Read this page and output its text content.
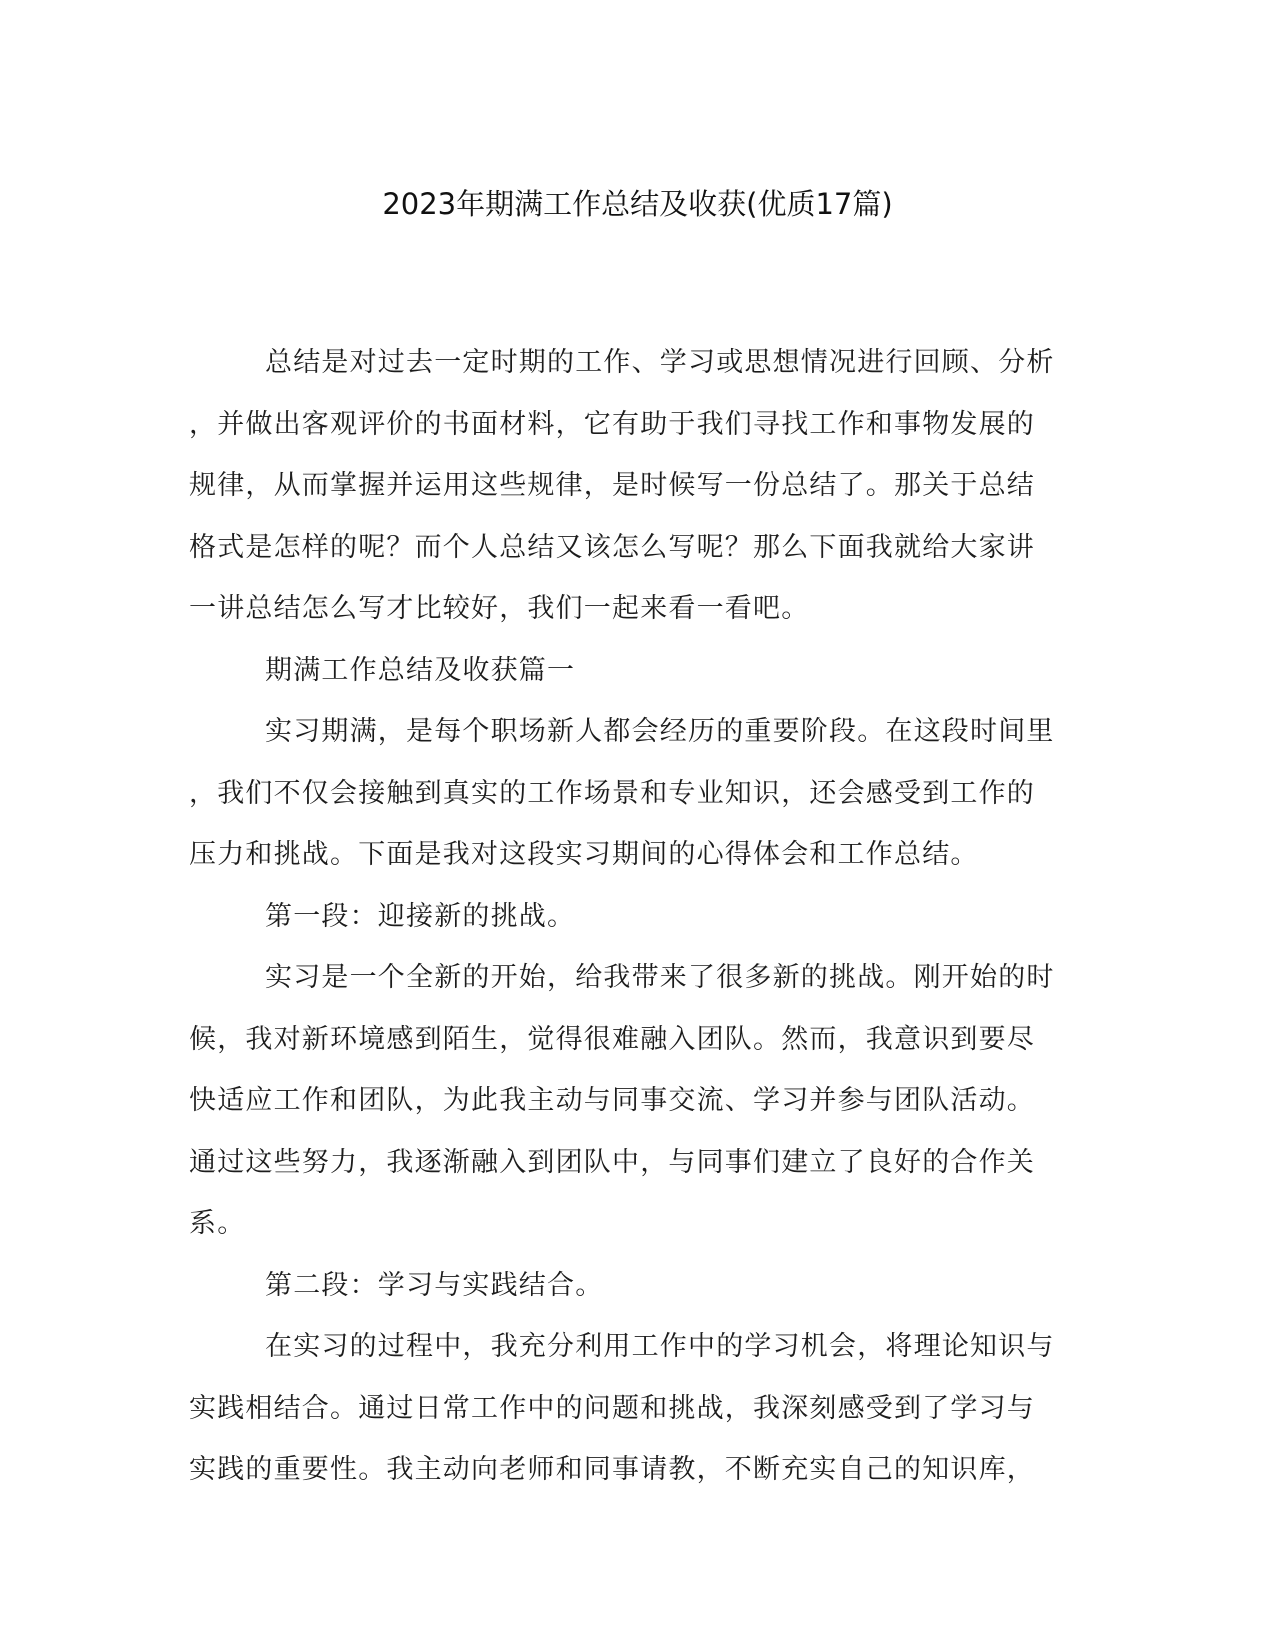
2023年期满工作总结及收获(优质17篇)
总结是对过去一定时期的工作、学习或思想情况进行回顾、分析
，并做出客观评价的书面材料，它有助于我们寻找工作和事物发展的
规律，从而掌握并运用这些规律，是时候写一份总结了。那关于总结
格式是怎样的呢？而个人总结又该怎么写呢？那么下面我就给大家讲
一讲总结怎么写才比较好，我们一起来看一看吧。
期满工作总结及收获篇一
实习期满，是每个职场新人都会经历的重要阶段。在这段时间里
，我们不仅会接触到真实的工作场景和专业知识，还会感受到工作的
压力和挑战。下面是我对这段实习期间的心得体会和工作总结。
第一段：迎接新的挑战。
实习是一个全新的开始，给我带来了很多新的挑战。刚开始的时
候，我对新环境感到陌生，觉得很难融入团队。然而，我意识到要尽
快适应工作和团队，为此我主动与同事交流、学习并参与团队活动。
通过这些努力，我逐渐融入到团队中，与同事们建立了良好的合作关
系。
第二段：学习与实践结合。
在实习的过程中，我充分利用工作中的学习机会，将理论知识与
实践相结合。通过日常工作中的问题和挑战，我深刻感受到了学习与
实践的重要性。我主动向老师和同事请教，不断充实自己的知识库，
